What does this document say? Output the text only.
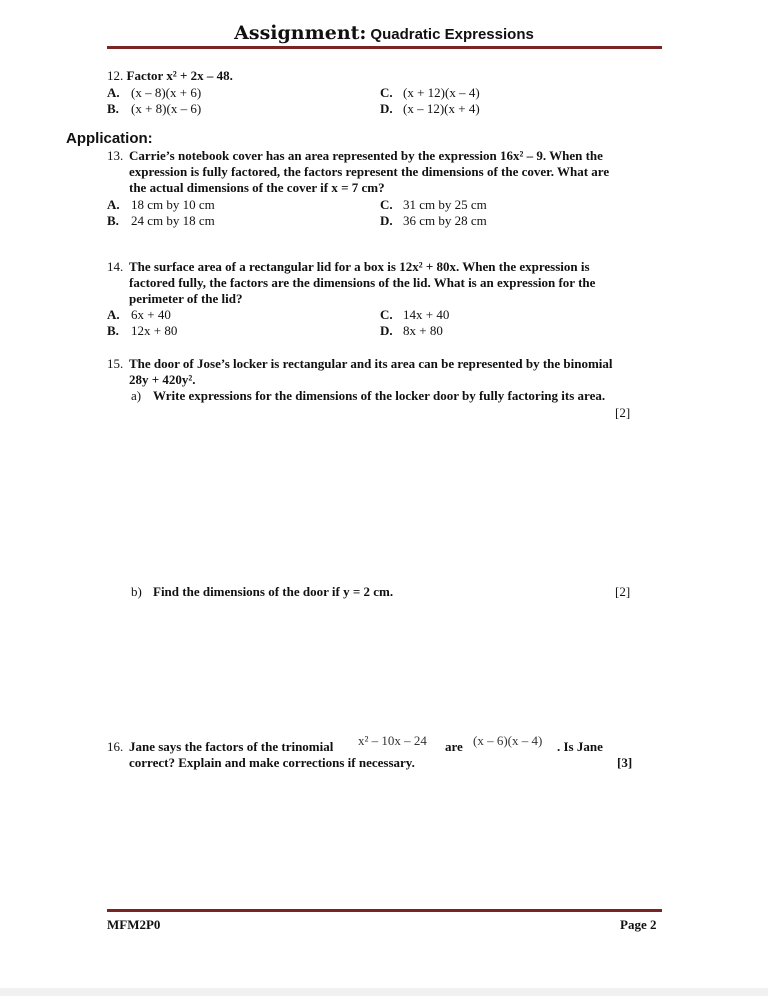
Assignment: Quadratic Expressions
12. Factor x² + 2x – 48.
A. (x – 8)(x + 6)
B. (x + 8)(x – 6)
C. (x + 12)(x – 4)
D. (x – 12)(x + 4)
Application:
13. Carrie’s notebook cover has an area represented by the expression 16x² – 9. When the
expression is fully factored, the factors represent the dimensions of the cover. What are
the actual dimensions of the cover if x = 7 cm?
A. 18 cm by 10 cm
B. 24 cm by 18 cm
C. 31 cm by 25 cm
D. 36 cm by 28 cm
14. The surface area of a rectangular lid for a box is 12x² + 80x. When the expression is
factored fully, the factors are the dimensions of the lid. What is an expression for the
perimeter of the lid?
A. 6x + 40
B. 12x + 80
C. 14x + 40
D. 8x + 80
15. The door of Jose’s locker is rectangular and its area can be represented by the binomial
28y + 420y².
a) Write expressions for the dimensions of the locker door by fully factoring its area.
[2]
b) Find the dimensions of the door if y = 2 cm.	[2]
16. Jane says the factors of the trinomial x² – 10x – 24 are (x – 6)(x – 4) . Is Jane
correct? Explain and make corrections if necessary.	[3]
MFM2P0	Page 2
